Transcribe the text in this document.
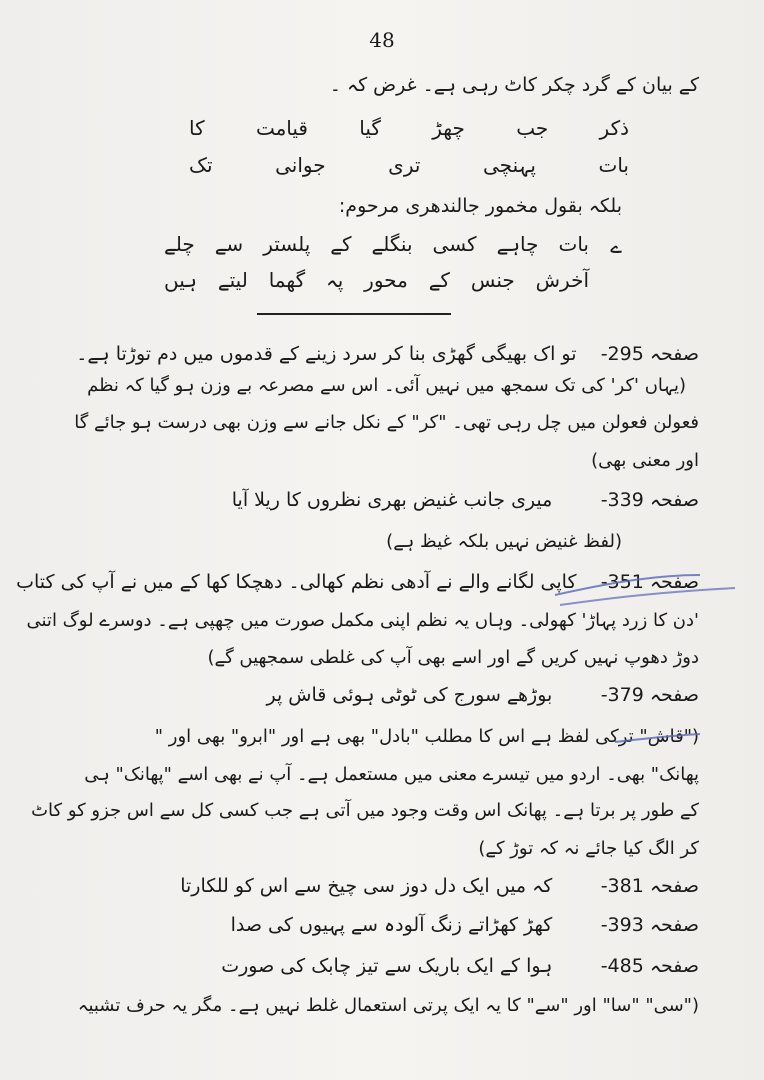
48
کے بیان کے گرد چکر کاٹ رہی ہے۔ غرض کہ ۔
ذکر
جب
چھڑ
گیا
قیامت
کا
بات
پہنچی
تری
جوانی
تک
بلکہ بقول مخمور جالندھری مرحوم:
ے
بات
چاہے
کسی
بنگلے
کے
پلستر
سے
چلے
آخرش
جنس
کے
محور
پہ
گھما
لیتے
ہیں
صفحہ 295-    تو اک بھیگی گھڑی بنا کر سرد زینے کے قدموں میں دم توڑتا ہے۔
(یہاں 'کر' کی تک سمجھ میں نہیں آئی۔ اس سے مصرعہ بے وزن ہو گیا کہ نظم
فعولن فعولن میں چل رہی تھی۔ "کر" کے نکل جانے سے وزن بھی درست ہو جائے گا
اور معنی بھی)
صفحہ 339-        میری جانب غنیض بھری نظروں کا ریلا آیا
(لفظ غنیض نہیں بلکہ غیظ ہے)
صفحہ 351-    کاپی لگانے والے نے آدھی نظم کھالی۔ دھچکا کھا کے میں نے آپ کی کتاب
'دن کا زرد پہاڑ' کھولی۔ وہاں یہ نظم اپنی مکمل صورت میں چھپی ہے۔ دوسرے لوگ اتنی
دوڑ دھوپ نہیں کریں گے اور اسے بھی آپ کی غلطی سمجھیں گے)
صفحہ 379-        بوڑھے سورج کی ٹوٹی ہوئی قاش پر
("قاش" ترکی لفظ ہے اس کا مطلب "بادل" بھی ہے اور "ابرو" بھی اور "
پھانک" بھی۔ اردو میں تیسرے معنی میں مستعمل ہے۔ آپ نے بھی اسے "پھانک" ہی
کے طور پر برتا ہے۔ پھانک اس وقت وجود میں آتی ہے جب کسی کل سے اس جزو کو کاٹ
کر الگ کیا جائے نہ کہ توڑ کے)
صفحہ 381-        کہ میں ایک دل دوز سی چیخ سے اس کو للکارتا
صفحہ 393-        کھڑ کھڑاتے زنگ آلودہ سے پہیوں کی صدا
صفحہ 485-        ہوا کے ایک باریک سے تیز چابک کی صورت
("سی" "سا" اور "سے" کا یہ ایک پرتی استعمال غلط نہیں ہے۔ مگر یہ حرف تشبیہ
